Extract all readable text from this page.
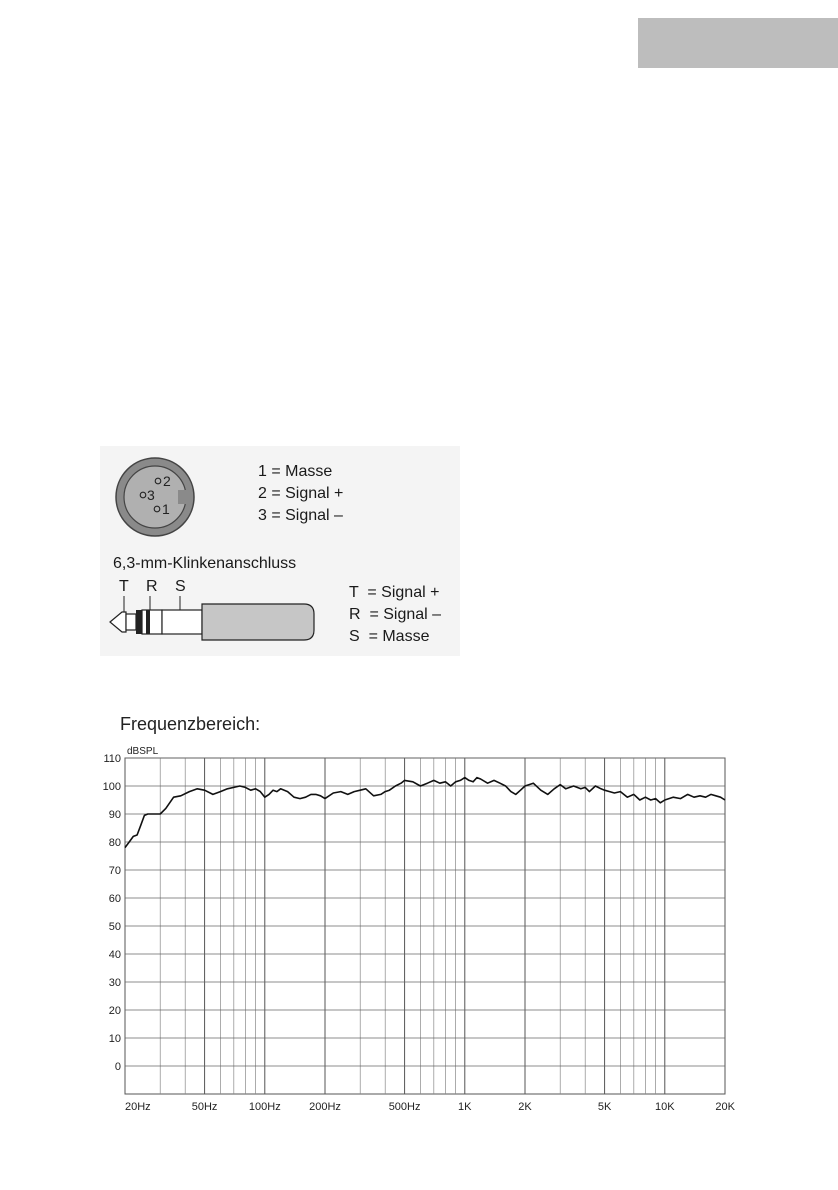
2
3
1
1 = Masse
2 = Signal +
3 = Signal –
6,3-mm-Klinkenanschluss
T R S	T  = Signal +
R  = Signal –
S  = Masse
Frequenzbereich:
0
10
20
30
40
50
60
70
80
90
100
110
20Hz	50Hz	100Hz	200Hz	500Hz	1K	2K	5K	10K	20K
dBSPL
